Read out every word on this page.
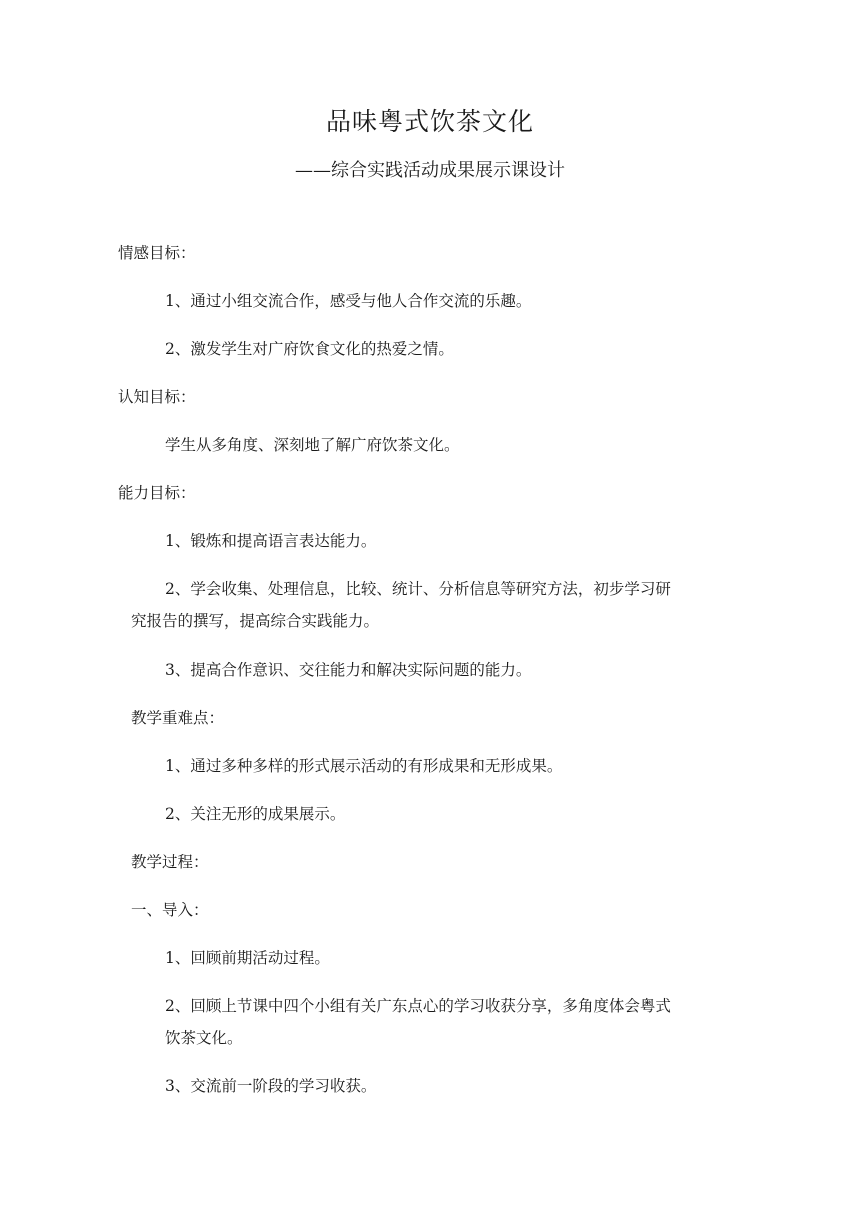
品味粤式饮茶文化
——综合实践活动成果展示课设计
情感目标：
1、通过小组交流合作，感受与他人合作交流的乐趣。
2、激发学生对广府饮食文化的热爱之情。
认知目标：
学生从多角度、深刻地了解广府饮茶文化。
能力目标：
1、锻炼和提高语言表达能力。
2、学会收集、处理信息，比较、统计、分析信息等研究方法，初步学习研
究报告的撰写，提高综合实践能力。
3、提高合作意识、交往能力和解决实际问题的能力。
教学重难点：
1、通过多种多样的形式展示活动的有形成果和无形成果。
2、关注无形的成果展示。
教学过程：
一、导入：
1、回顾前期活动过程。
2、回顾上节课中四个小组有关广东点心的学习收获分享，多角度体会粤式
饮茶文化。
3、交流前一阶段的学习收获。
